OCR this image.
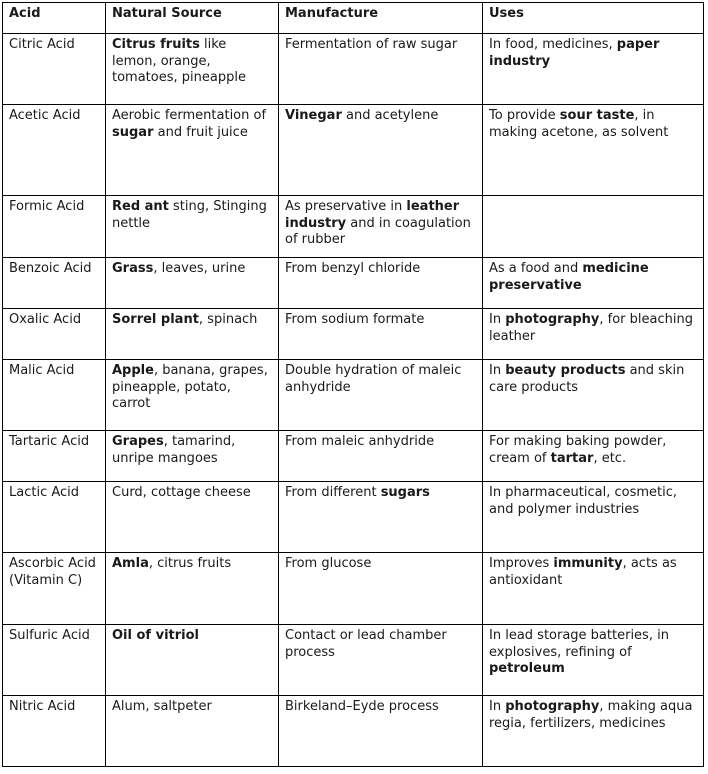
Acid	Natural Source	Manufacture	Uses
Citric Acid	Citrus fruits like lemon, orange, tomatoes, pineapple	Fermentation of raw sugar	In food, medicines, paper industry
Acetic Acid	Aerobic fermentation of sugar and fruit juice	Vinegar and acetylene	To provide sour taste, in making acetone, as solvent
Formic Acid	Red ant sting, Stinging nettle	As preservative in leather industry and in coagulation of rubber	
Benzoic Acid	Grass, leaves, urine	From benzyl chloride	As a food and medicine preservative
Oxalic Acid	Sorrel plant, spinach	From sodium formate	In photography, for bleaching leather
Malic Acid	Apple, banana, grapes, pineapple, potato, carrot	Double hydration of maleic anhydride	In beauty products and skin care products
Tartaric Acid	Grapes, tamarind, unripe mangoes	From maleic anhydride	For making baking powder, cream of tartar, etc.
Lactic Acid	Curd, cottage cheese	From different sugars	In pharmaceutical, cosmetic, and polymer industries
Ascorbic Acid (Vitamin C)	Amla, citrus fruits	From glucose	Improves immunity, acts as antioxidant
Sulfuric Acid	Oil of vitriol	Contact or lead chamber process	In lead storage batteries, in explosives, refining of petroleum
Nitric Acid	Alum, saltpeter	Birkeland–Eyde process	In photography, making aqua regia, fertilizers, medicines
